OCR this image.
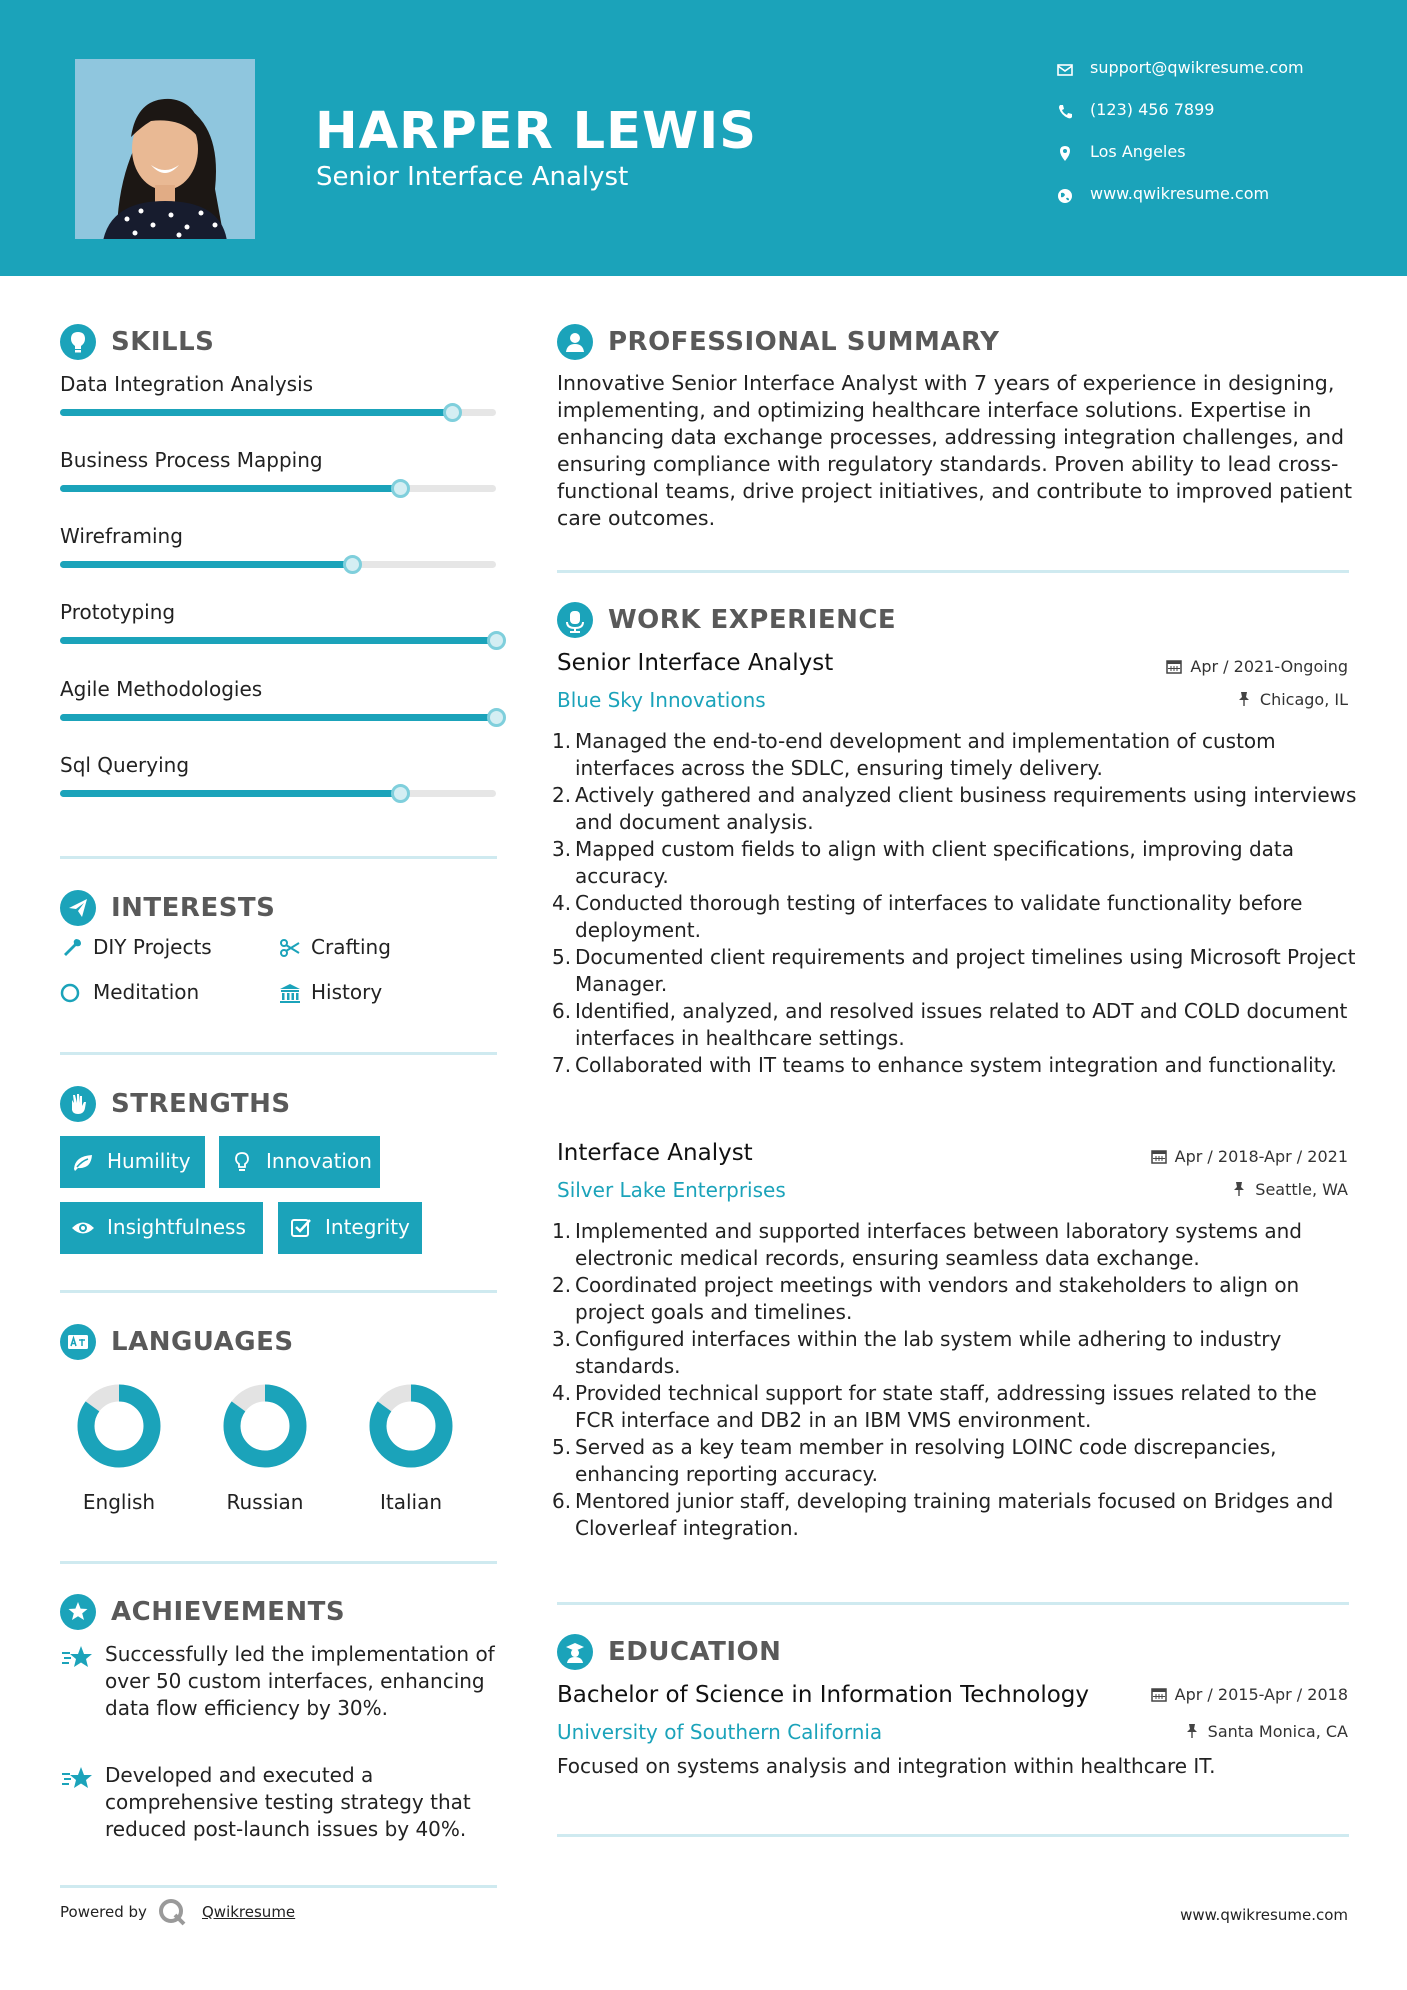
HARPER LEWIS
Senior Interface Analyst
support@qwikresume.com
(123) 456 7899
Los Angeles
www.qwikresume.com
SKILLS
Data Integration Analysis
Business Process Mapping
Wireframing
Prototyping
Agile Methodologies
Sql Querying
INTERESTS
DIY Projects	Crafting
Meditation	History
STRENGTHS
Humility	Innovation
Insightfulness	Integrity
LANGUAGES
English	Russian	Italian
ACHIEVEMENTS
Successfully led the implementation of over 50 custom interfaces, enhancing data flow efficiency by 30%.
Developed and executed a comprehensive testing strategy that reduced post-launch issues by 40%.
PROFESSIONAL SUMMARY
Innovative Senior Interface Analyst with 7 years of experience in designing, implementing, and optimizing healthcare interface solutions. Expertise in enhancing data exchange processes, addressing integration challenges, and ensuring compliance with regulatory standards. Proven ability to lead cross-functional teams, drive project initiatives, and contribute to improved patient care outcomes.
WORK EXPERIENCE
Senior Interface Analyst	Apr / 2021-Ongoing
Blue Sky Innovations	Chicago, IL
1. Managed the end-to-end development and implementation of custom interfaces across the SDLC, ensuring timely delivery.
2. Actively gathered and analyzed client business requirements using interviews and document analysis.
3. Mapped custom fields to align with client specifications, improving data accuracy.
4. Conducted thorough testing of interfaces to validate functionality before deployment.
5. Documented client requirements and project timelines using Microsoft Project Manager.
6. Identified, analyzed, and resolved issues related to ADT and COLD document interfaces in healthcare settings.
7. Collaborated with IT teams to enhance system integration and functionality.
Interface Analyst	Apr / 2018-Apr / 2021
Silver Lake Enterprises	Seattle, WA
1. Implemented and supported interfaces between laboratory systems and electronic medical records, ensuring seamless data exchange.
2. Coordinated project meetings with vendors and stakeholders to align on project goals and timelines.
3. Configured interfaces within the lab system while adhering to industry standards.
4. Provided technical support for state staff, addressing issues related to the FCR interface and DB2 in an IBM VMS environment.
5. Served as a key team member in resolving LOINC code discrepancies, enhancing reporting accuracy.
6. Mentored junior staff, developing training materials focused on Bridges and Cloverleaf integration.
EDUCATION
Bachelor of Science in Information Technology	Apr / 2015-Apr / 2018
University of Southern California	Santa Monica, CA
Focused on systems analysis and integration within healthcare IT.
Powered by	Qwikresume	www.qwikresume.com
